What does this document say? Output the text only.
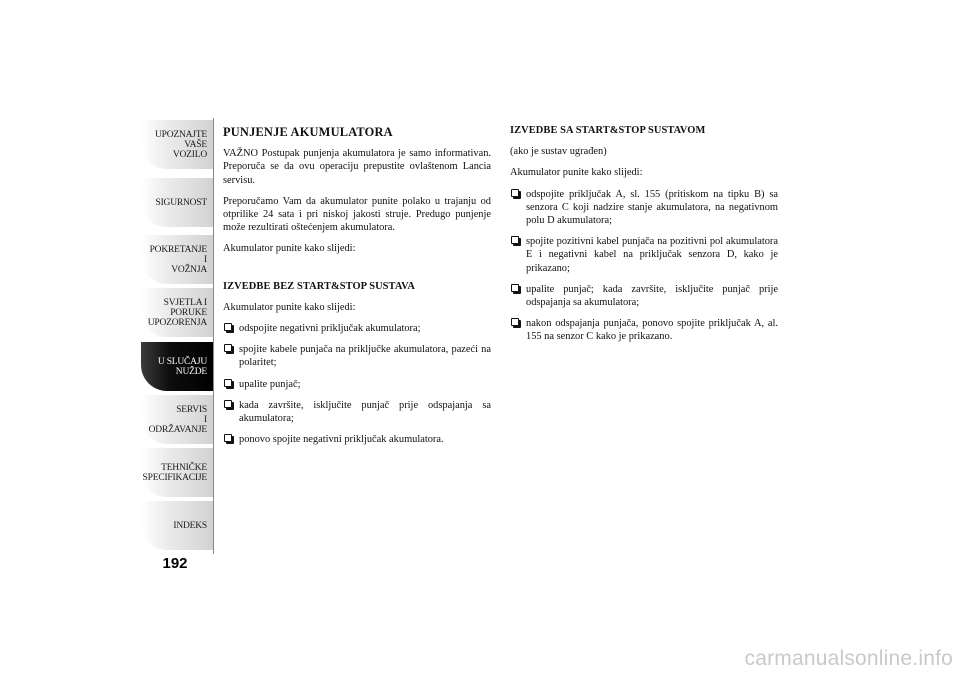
UPOZNAJTE
VAŠE
VOZILO
SIGURNOST
POKRETANJE
I
VOŽNJA
SVJETLA I
PORUKE
UPOZORENJA
U SLUČAJU
NUŽDE
SERVIS
I
ODRŽAVANJE
TEHNIČKE
SPECIFIKACIJE
INDEKS
192
PUNJENJE AKUMULATORA

VAŽNO Postupak punjenja akumulatora je samo informativan. Preporuča se da ovu operaciju prepustite ovlaštenom Lancia servisu.

Preporučamo Vam da akumulator punite polako u trajanju od otprilike 24 sata i pri niskoj jakosti struje. Predugo punjenje može rezultirati oštećenjem akumulatora.

Akumulator punite kako slijedi:

IZVEDBE BEZ START&STOP SUSTAVA

Akumulator punite kako slijedi:

odspojite negativni priključak akumulatora;
spojite kabele punjača na priključke akumulatora, pazeći na polaritet;
upalite punjač;
kada završite, isključite punjač prije odspajanja sa akumulatora;
ponovo spojite negativni priključak akumulatora.
IZVEDBE SA START&STOP SUSTAVOM

(ako je sustav ugrađen)

Akumulator punite kako slijedi:

odspojite priključak A, sl. 155 (pritiskom na tipku B) sa senzora C koji nadzire stanje akumulatora, na negativnom polu D akumulatora;
spojite pozitivni kabel punjača na pozitivni pol akumulatora E i negativni kabel na priključak senzora D, kako je prikazano;
upalite punjač; kada završite, isključite punjač prije odspajanja sa akumulatora;
nakon odspajanja punjača, ponovo spojite priključak A, al. 155 na senzor C kako je prikazano.
carmanualsonline.info
